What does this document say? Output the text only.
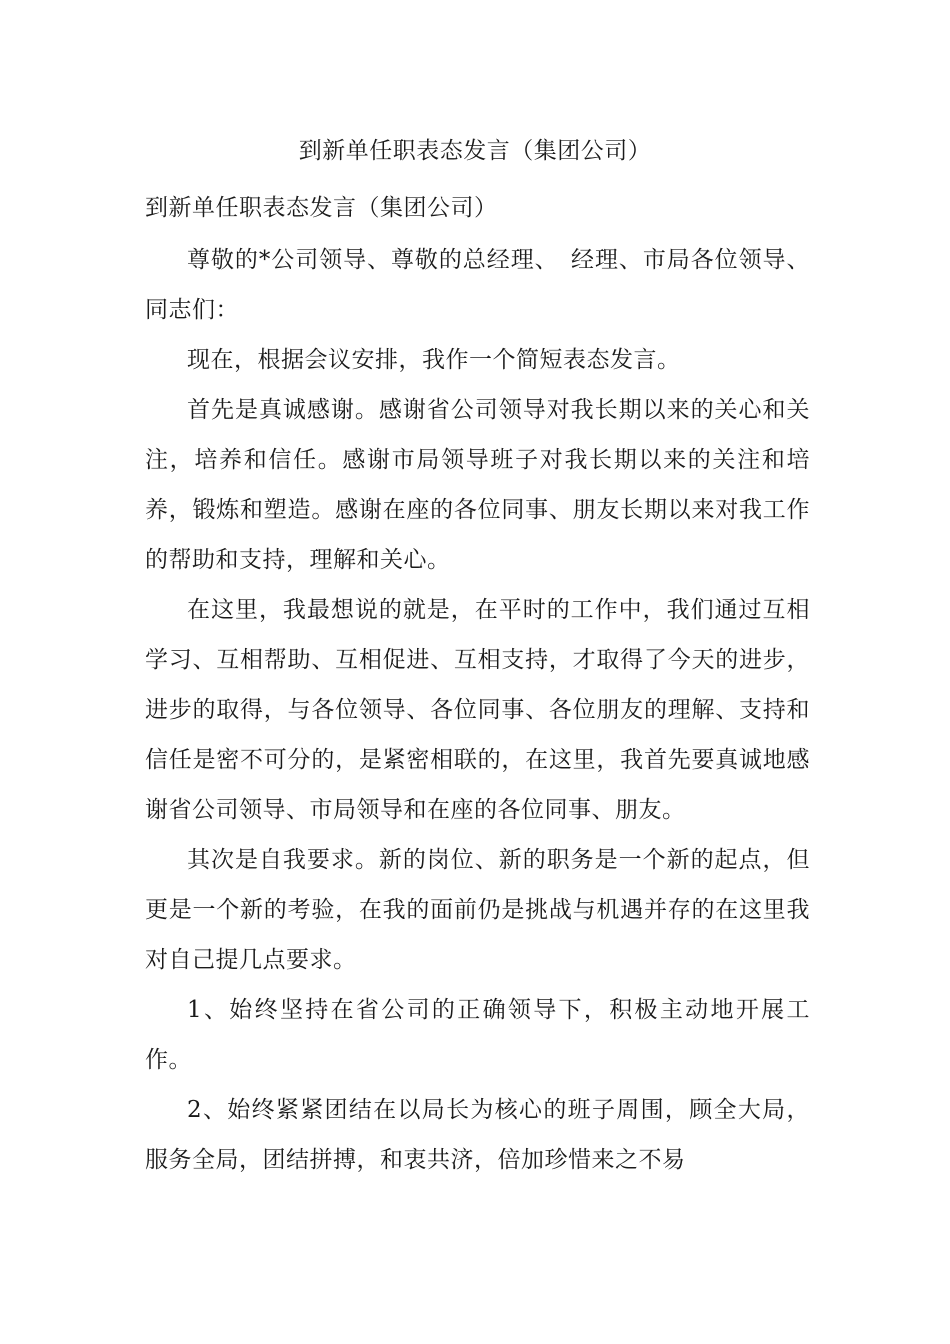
到新单任职表态发言（集团公司）

到新单任职表态发言（集团公司）

尊敬的*公司领导、尊敬的总经理、　经理、市局各位领导、同志们：

现在，根据会议安排，我作一个简短表态发言。

首先是真诚感谢。感谢省公司领导对我长期以来的关心和关注，培养和信任。感谢市局领导班子对我长期以来的关注和培养，锻炼和塑造。感谢在座的各位同事、朋友长期以来对我工作的帮助和支持，理解和关心。

在这里，我最想说的就是，在平时的工作中，我们通过互相学习、互相帮助、互相促进、互相支持，才取得了今天的进步，进步的取得，与各位领导、各位同事、各位朋友的理解、支持和信任是密不可分的，是紧密相联的，在这里，我首先要真诚地感谢省公司领导、市局领导和在座的各位同事、朋友。

其次是自我要求。新的岗位、新的职务是一个新的起点，但更是一个新的考验，在我的面前仍是挑战与机遇并存的在这里我对自己提几点要求。

1、始终坚持在省公司的正确领导下，积极主动地开展工作。

2、始终紧紧团结在以局长为核心的班子周围，顾全大局，服务全局，团结拼搏，和衷共济，倍加珍惜来之不易
